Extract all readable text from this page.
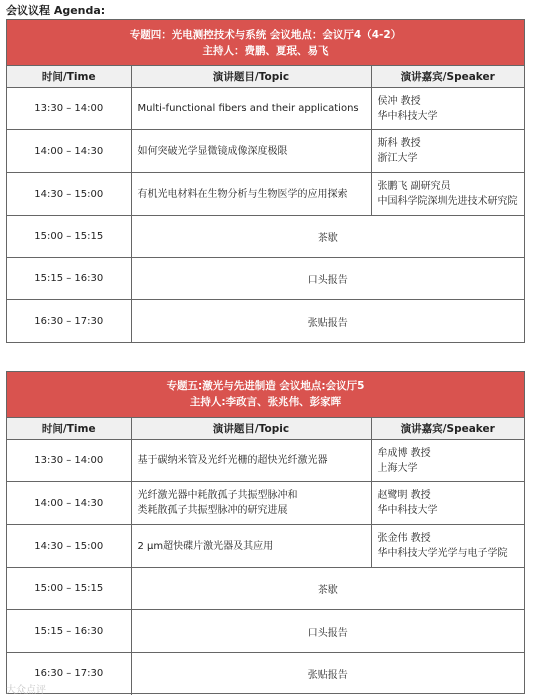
会议议程 Agenda:
专题四：光电测控技术与系统 会议地点：会议厅4（4-2）
主持人：费鹏、夏珉、易飞
时间/Time	演讲题目/Topic	演讲嘉宾/Speaker
13:30 – 14:00	Multi-functional fibers and their applications	侯冲 教授
华中科技大学

14:00 – 14:30	如何突破光学显微镜成像深度极限	斯科 教授
浙江大学

14:30 – 15:00	有机光电材料在生物分析与生物医学的应用探索	张鹏飞 副研究员
中国科学院深圳先进技术研究院

15:00 – 15:15	茶歇	
15:15 – 16:30	口头报告	
16:30 – 17:30	张贴报告	
专题五:激光与先进制造 会议地点:会议厅5
主持人:李政言、张兆伟、彭家晖
时间/Time	演讲题目/Topic	演讲嘉宾/Speaker
13:30 – 14:00	基于碳纳米管及光纤光栅的超快光纤激光器	牟成博 教授
上海大学

14:00 – 14:30	光纤激光器中耗散孤子共振型脉冲和
类耗散孤子共振型脉冲的研究进展	赵鹭明 教授
华中科技大学

14:30 – 15:00	2 μm超快碟片激光器及其应用	张金伟 教授
华中科技大学光学与电子学院

15:00 – 15:15	茶歇	
15:15 – 16:30	口头报告	
16:30 – 17:30	张贴报告	
大众点评
